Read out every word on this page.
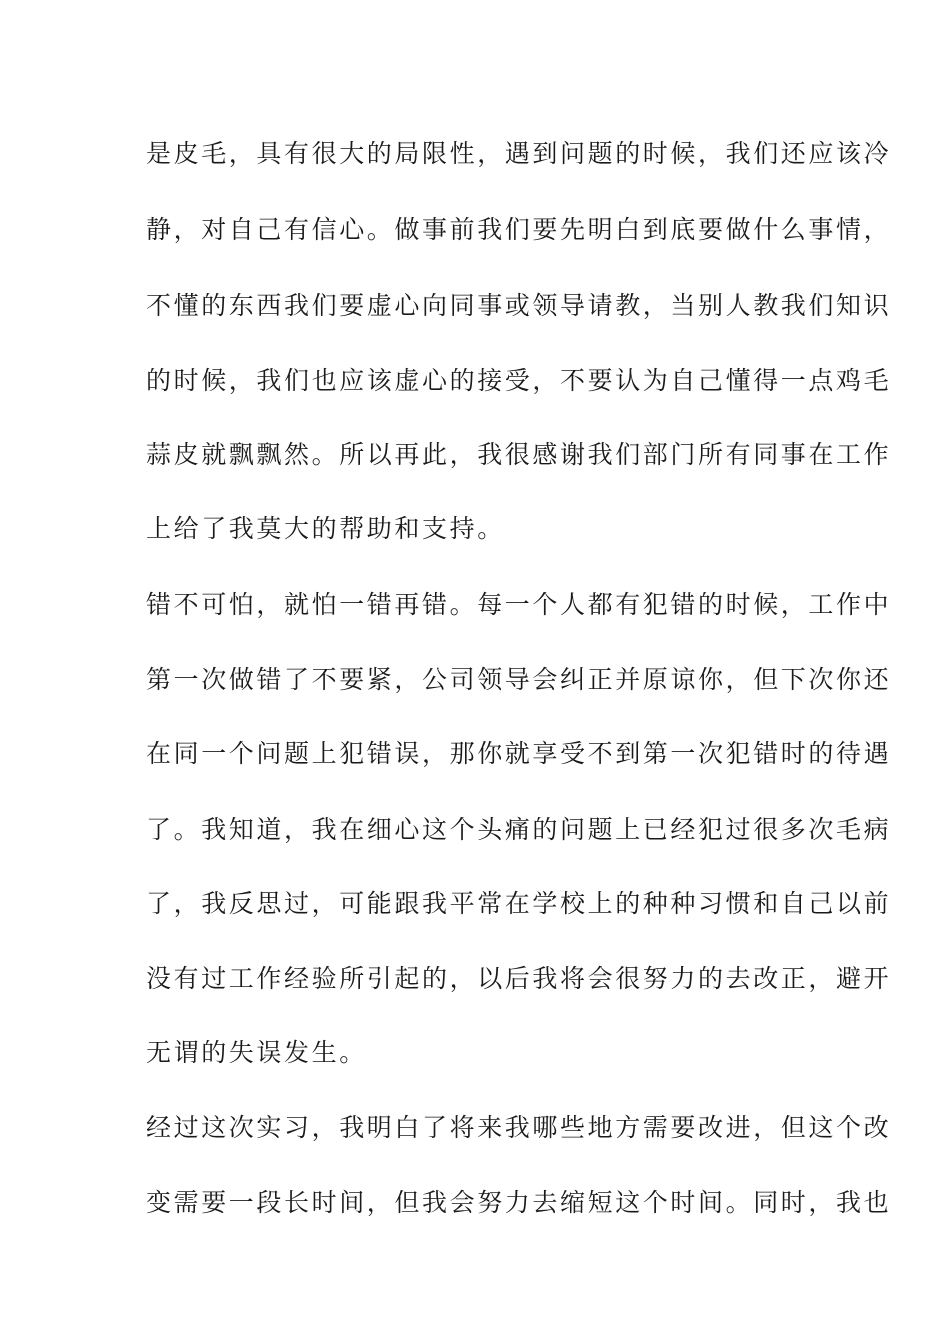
是皮毛，具有很大的局限性，遇到问题的时候，我们还应该冷

静，对自己有信心。做事前我们要先明白到底要做什么事情，

不懂的东西我们要虚心向同事或领导请教，当别人教我们知识

的时候，我们也应该虚心的接受，不要认为自己懂得一点鸡毛

蒜皮就飘飘然。所以再此，我很感谢我们部门所有同事在工作

上给了我莫大的帮助和支持。

错不可怕，就怕一错再错。每一个人都有犯错的时候，工作中

第一次做错了不要紧，公司领导会纠正并原谅你，但下次你还

在同一个问题上犯错误，那你就享受不到第一次犯错时的待遇

了。我知道，我在细心这个头痛的问题上已经犯过很多次毛病

了，我反思过，可能跟我平常在学校上的种种习惯和自己以前

没有过工作经验所引起的，以后我将会很努力的去改正，避开

无谓的失误发生。

经过这次实习，我明白了将来我哪些地方需要改进，但这个改

变需要一段长时间，但我会努力去缩短这个时间。同时，我也
